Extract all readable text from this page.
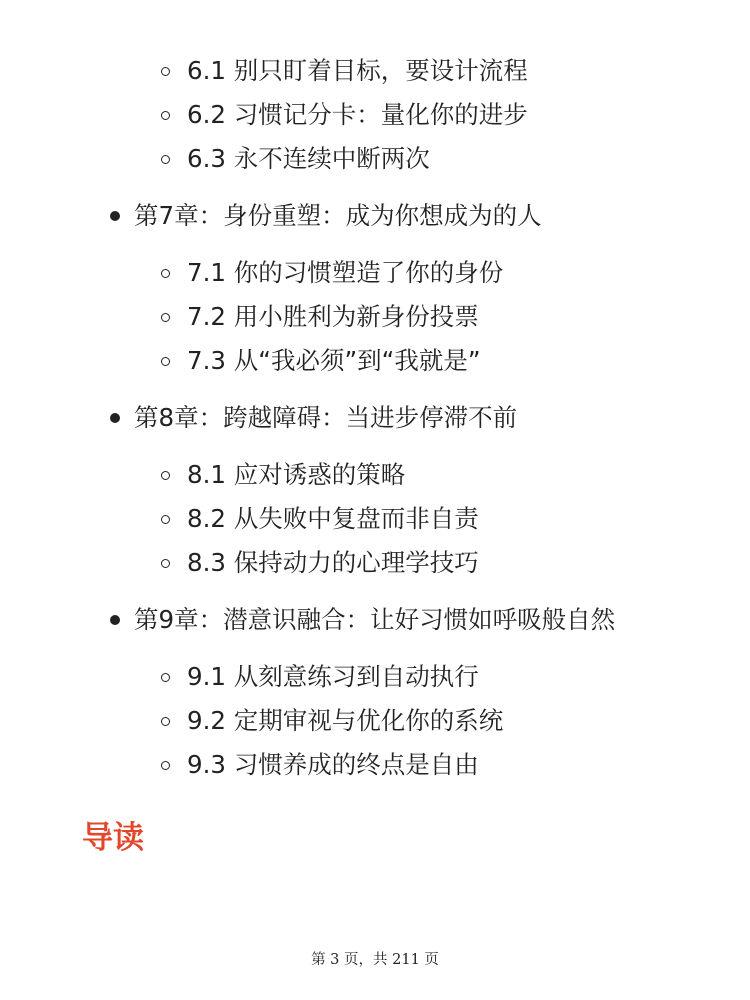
6.1 别只盯着目标，要设计流程
6.2 习惯记分卡：量化你的进步
6.3 永不连续中断两次
第7章：身份重塑：成为你想成为的人
7.1 你的习惯塑造了你的身份
7.2 用小胜利为新身份投票
7.3 从“我必须”到“我就是”
第8章：跨越障碍：当进步停滞不前
8.1 应对诱惑的策略
8.2 从失败中复盘而非自责
8.3 保持动力的心理学技巧
第9章：潜意识融合：让好习惯如呼吸般自然
9.1 从刻意练习到自动执行
9.2 定期审视与优化你的系统
9.3 习惯养成的终点是自由
导读
第 3 页，共 211 页
